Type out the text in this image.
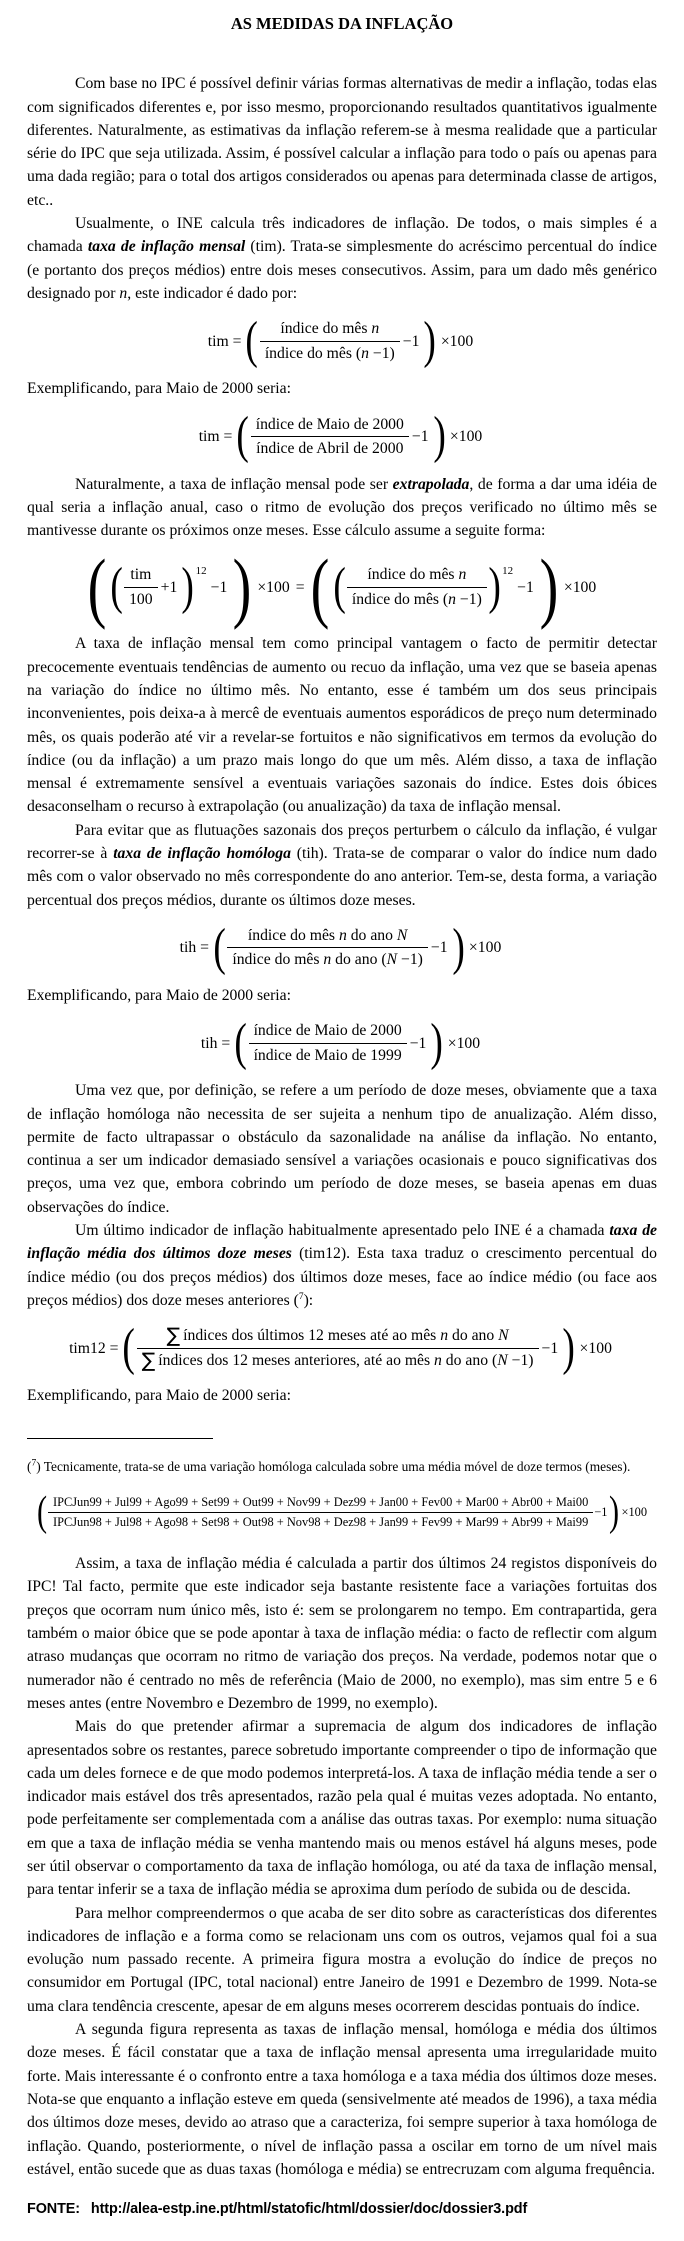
AS MEDIDAS DA INFLAÇÃO

Com base no IPC é possível definir várias formas alternativas de medir a inflação, todas elas com significados diferentes e, por isso mesmo, proporcionando resultados quantitativos igualmente diferentes. Naturalmente, as estimativas da inflação referem-se à mesma realidade que a particular série do IPC que seja utilizada. Assim, é possível calcular a inflação para todo o país ou apenas para uma dada região; para o total dos artigos considerados ou apenas para determinada classe de artigos, etc..

Usualmente, o INE calcula três indicadores de inflação. De todos, o mais simples é a chamada taxa de inflação mensal (tim). Trata-se simplesmente do acréscimo percentual do índice (e portanto dos preços médios) entre dois meses consecutivos. Assim, para um dado mês genérico designado por n, este indicador é dado por:

tim = ( $\frac{\text{índice do mês n}}{\text{índice do mês (n −1)}} -1$ ) ×100

Exemplificando, para Maio de 2000 seria:

tim = ( $\frac{\text{índice de Maio de 2000}}{\text{índice de Abril de 2000}} -1$ ) ×100

Naturalmente, a taxa de inflação mensal pode ser extrapolada, de forma a dar uma idéia de qual seria a inflação anual, caso o ritmo de evolução dos preços verificado no último mês se mantivesse durante os próximos onze meses. Esse cálculo assume a seguite forma:

( ( $\frac{\text{tim}}{100} +1$ ) 12
−1 ) ×100 = ( ( $\frac{\text{índice do mês n}}{\text{índice do mês (n −1)}}$ ) 12
−1 ) ×100

A taxa de inflação mensal tem como principal vantagem o facto de permitir detectar precocemente eventuais tendências de aumento ou recuo da inflação, uma vez que se baseia apenas na variação do índice no último mês. No entanto, esse é também um dos seus principais inconvenientes, pois deixa-a à mercê de eventuais aumentos esporádicos de preço num determinado mês, os quais poderão até vir a revelar-se fortuitos e não significativos em termos da evolução do índice (ou da inflação) a um prazo mais longo do que um mês. Além disso, a taxa de inflação mensal é extremamente sensível a eventuais variações sazonais do índice. Estes dois óbices desaconselham o recurso à extrapolação (ou anualização) da taxa de inflação mensal.

Para evitar que as flutuações sazonais dos preços perturbem o cálculo da inflação, é vulgar recorrer-se à taxa de inflação homóloga (tih). Trata-se de comparar o valor do índice num dado mês com o valor observado no mês correspondente do ano anterior. Tem-se, desta forma, a variação percentual dos preços médios, durante os últimos doze meses.

tih = ( $\frac{\text{índice do mês n do ano N}}{\text{índice do mês n do ano (N −1)}} -1$ ) ×100

Exemplificando, para Maio de 2000 seria:

tih = ( $\frac{\text{índice de Maio de 2000}}{\text{índice de Maio de 1999}} -1$ ) ×100

Uma vez que, por definição, se refere a um período de doze meses, obviamente que a taxa de inflação homóloga não necessita de ser sujeita a nenhum tipo de anualização. Além disso, permite de facto ultrapassar o obstáculo da sazonalidade na análise da inflação. No entanto, continua a ser um indicador demasiado sensível a variações ocasionais e pouco significativas dos preços, uma vez que, embora cobrindo um período de doze meses, se baseia apenas em duas observações do índice.

Um último indicador de inflação habitualmente apresentado pelo INE é a chamada taxa de inflação média dos últimos doze meses (tim12). Esta taxa traduz o crescimento percentual do índice médio (ou dos preços médios) dos últimos doze meses, face ao índice médio (ou face aos preços médios) dos doze meses anteriores ($^7$):

tim12 = ( $\frac{\text{∑ índices dos últimos 12 meses até ao mês n do ano N}}{\text{∑ índices dos 12 meses anteriores, até ao mês n do ano (N −1)}} -1$ ) ×100

Exemplificando, para Maio de 2000 seria:

($^7$) Tecnicamente, trata-se de uma variação homóloga calculada sobre uma média móvel de doze termos (meses).

( IPCJun99 + Jul99 + Ago99 + Set99 + Out99 + Nov99 + Dez99 + Jan00 + Fev00 + Mar00 + Abr00 + Mai00
IPCJun98 + Jul98 + Ago98 + Set98 + Out98 + Nov98 + Dez98 + Jan99 + Fev99 + Mar99 + Abr99 + Mai99
−1 ) ×100

Assim, a taxa de inflação média é calculada a partir dos últimos 24 registos disponíveis do IPC! Tal facto, permite que este indicador seja bastante resistente face a variações fortuitas dos preços que ocorram num único mês, isto é: sem se prolongarem no tempo. Em contrapartida, gera também o maior óbice que se pode apontar à taxa de inflação média: o facto de reflectir com algum atraso mudanças que ocorram no ritmo de variação dos preços. Na verdade, podemos notar que o numerador não é centrado no mês de referência (Maio de 2000, no exemplo), mas sim entre 5 e 6 meses antes (entre Novembro e Dezembro de 1999, no exemplo).

Mais do que pretender afirmar a supremacia de algum dos indicadores de inflação apresentados sobre os restantes, parece sobretudo importante compreender o tipo de informação que cada um deles fornece e de que modo podemos interpretá-los. A taxa de inflação média tende a ser o indicador mais estável dos três apresentados, razão pela qual é muitas vezes adoptada. No entanto, pode perfeitamente ser complementada com a análise das outras taxas. Por exemplo: numa situação em que a taxa de inflação média se venha mantendo mais ou menos estável há alguns meses, pode ser útil observar o comportamento da taxa de inflação homóloga, ou até da taxa de inflação mensal, para tentar inferir se a taxa de inflação média se aproxima dum período de subida ou de descida.

Para melhor compreendermos o que acaba de ser dito sobre as características dos diferentes indicadores de inflação e a forma como se relacionam uns com os outros, vejamos qual foi a sua evolução num passado recente. A primeira figura mostra a evolução do índice de preços no consumidor em Portugal (IPC, total nacional) entre Janeiro de 1991 e Dezembro de 1999. Nota-se uma clara tendência crescente, apesar de em alguns meses ocorrerem descidas pontuais do índice.

A segunda figura representa as taxas de inflação mensal, homóloga e média dos últimos doze meses. É fácil constatar que a taxa de inflação mensal apresenta uma irregularidade muito forte. Mais interessante é o confronto entre a taxa homóloga e a taxa média dos últimos doze meses. Nota-se que enquanto a inflação esteve em queda (sensivelmente até meados de 1996), a taxa média dos últimos doze meses, devido ao atraso que a caracteriza, foi sempre superior à taxa homóloga de inflação. Quando, posteriormente, o nível de inflação passa a oscilar em torno de um nível mais estável, então sucede que as duas taxas (homóloga e média) se entrecruzam com alguma frequência.

FONTE: http://alea-estp.ine.pt/html/statofic/html/dossier/doc/dossier3.pdf
